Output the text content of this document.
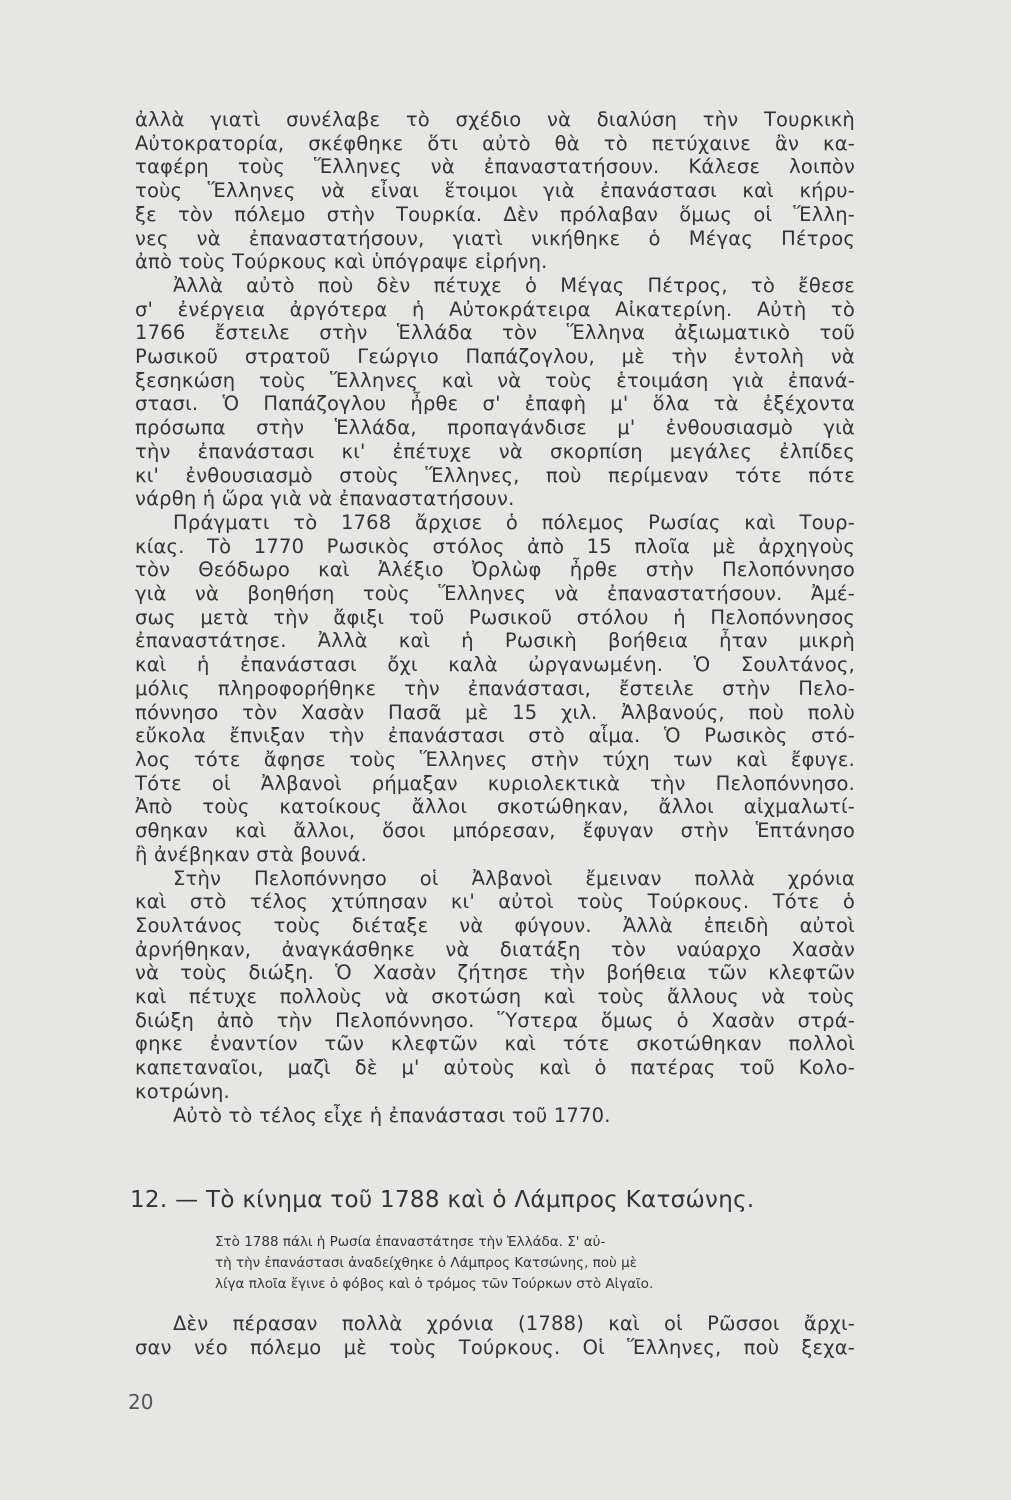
ἀλλὰ γιατὶ συνέλαβε τὸ σχέδιο νὰ διαλύση τὴν Τουρκικὴ
Αὐτοκρατορία, σκέφθηκε ὅτι αὐτὸ θὰ τὸ πετύχαινε ἂν κα-
ταφέρη τοὺς Ἕλληνες νὰ ἐπαναστατήσουν. Κάλεσε λοιπὸν
τοὺς Ἕλληνες νὰ εἶναι ἕτοιμοι γιὰ ἐπανάστασι καὶ κήρυ-
ξε τὸν πόλεμο στὴν Τουρκία. Δὲν πρόλαβαν ὅμως οἱ Ἕλλη-
νες νὰ ἐπαναστατήσουν, γιατὶ νικήθηκε ὁ Μέγας Πέτρος
ἀπὸ τοὺς Τούρκους καὶ ὑπόγραψε εἰρήνη.
Ἀλλὰ αὐτὸ ποὺ δὲν πέτυχε ὁ Μέγας Πέτρος, τὸ ἔθεσε
σ' ἐνέργεια ἀργότερα ἡ Αὐτοκράτειρα Αἰκατερίνη. Αὐτὴ τὸ
1766 ἔστειλε στὴν Ἑλλάδα τὸν Ἕλληνα ἀξιωματικὸ τοῦ
Ρωσικοῦ στρατοῦ Γεώργιο Παπάζογλου, μὲ τὴν ἐντολὴ νὰ
ξεσηκώση τοὺς Ἕλληνες καὶ νὰ τοὺς ἑτοιμάση γιὰ ἐπανά-
στασι. Ὁ Παπάζογλου ἦρθε σ' ἐπαφὴ μ' ὅλα τὰ ἐξέχοντα
πρόσωπα στὴν Ἑλλάδα, προπαγάνδισε μ' ἐνθουσιασμὸ γιὰ
τὴν ἐπανάστασι κι' ἐπέτυχε νὰ σκορπίση μεγάλες ἐλπίδες
κι' ἐνθουσιασμὸ στοὺς Ἕλληνες, ποὺ περίμεναν τότε πότε
νάρθη ἡ ὥρα γιὰ νὰ ἐπαναστατήσουν.
Πράγματι τὸ 1768 ἄρχισε ὁ πόλεμος Ρωσίας καὶ Τουρ-
κίας. Τὸ 1770 Ρωσικὸς στόλος ἀπὸ 15 πλοῖα μὲ ἀρχηγοὺς
τὸν Θεόδωρο καὶ Ἀλέξιο Ὀρλὼφ ἦρθε στὴν Πελοπόννησο
γιὰ νὰ βοηθήση τοὺς Ἕλληνες νὰ ἐπαναστατήσουν. Ἀμέ-
σως μετὰ τὴν ἄφιξι τοῦ Ρωσικοῦ στόλου ἡ Πελοπόννησος
ἐπαναστάτησε. Ἀλλὰ καὶ ἡ Ρωσικὴ βοήθεια ἦταν μικρὴ
καὶ ἡ ἐπανάστασι ὄχι καλὰ ὠργανωμένη. Ὁ Σουλτάνος,
μόλις πληροφορήθηκε τὴν ἐπανάστασι, ἔστειλε στὴν Πελο-
πόννησο τὸν Χασὰν Πασᾶ μὲ 15 χιλ. Ἀλβανούς, ποὺ πολὺ
εὔκολα ἔπνιξαν τὴν ἐπανάστασι στὸ αἷμα. Ὁ Ρωσικὸς στό-
λος τότε ἄφησε τοὺς Ἕλληνες στὴν τύχη των καὶ ἔφυγε.
Τότε οἱ Ἀλβανοὶ ρήμαξαν κυριολεκτικὰ τὴν Πελοπόννησο.
Ἀπὸ τοὺς κατοίκους ἄλλοι σκοτώθηκαν, ἄλλοι αἰχμαλωτί-
σθηκαν καὶ ἄλλοι, ὅσοι μπόρεσαν, ἔφυγαν στὴν Ἑπτάνησο
ἢ ἀνέβηκαν στὰ βουνά.
Στὴν Πελοπόννησο οἱ Ἀλβανοὶ ἔμειναν πολλὰ χρόνια
καὶ στὸ τέλος χτύπησαν κι' αὐτοὶ τοὺς Τούρκους. Τότε ὁ
Σουλτάνος τοὺς διέταξε νὰ φύγουν. Ἀλλὰ ἐπειδὴ αὐτοὶ
ἀρνήθηκαν, ἀναγκάσθηκε νὰ διατάξη τὸν ναύαρχο Χασὰν
νὰ τοὺς διώξη. Ὁ Χασὰν ζήτησε τὴν βοήθεια τῶν κλεφτῶν
καὶ πέτυχε πολλοὺς νὰ σκοτώση καὶ τοὺς ἄλλους νὰ τοὺς
διώξη ἀπὸ τὴν Πελοπόννησο. Ὕστερα ὅμως ὁ Χασὰν στρά-
φηκε ἐναντίον τῶν κλεφτῶν καὶ τότε σκοτώθηκαν πολλοὶ
καπεταναῖοι, μαζὶ δὲ μ' αὐτοὺς καὶ ὁ πατέρας τοῦ Κολο-
κοτρώνη.
Αὐτὸ τὸ τέλος εἶχε ἡ ἐπανάστασι τοῦ 1770.
12. — Τὸ κίνημα τοῦ 1788 καὶ ὁ Λάμπρος Κατσώνης.
Στὸ 1788 πάλι ἡ Ρωσία ἐπαναστάτησε τὴν Ἑλλάδα. Σ' αὐ-
τὴ τὴν ἐπανάστασι ἀναδείχθηκε ὁ Λάμπρος Κατσώνης, ποὺ μὲ
λίγα πλοῖα ἔγινε ὁ φόβος καὶ ὁ τρόμος τῶν Τούρκων στὸ Αἰγαῖο.
Δὲν πέρασαν πολλὰ χρόνια (1788) καὶ οἱ Ρῶσσοι ἄρχι-
σαν νέο πόλεμο μὲ τοὺς Τούρκους. Οἱ Ἕλληνες, ποὺ ξεχα-
20
